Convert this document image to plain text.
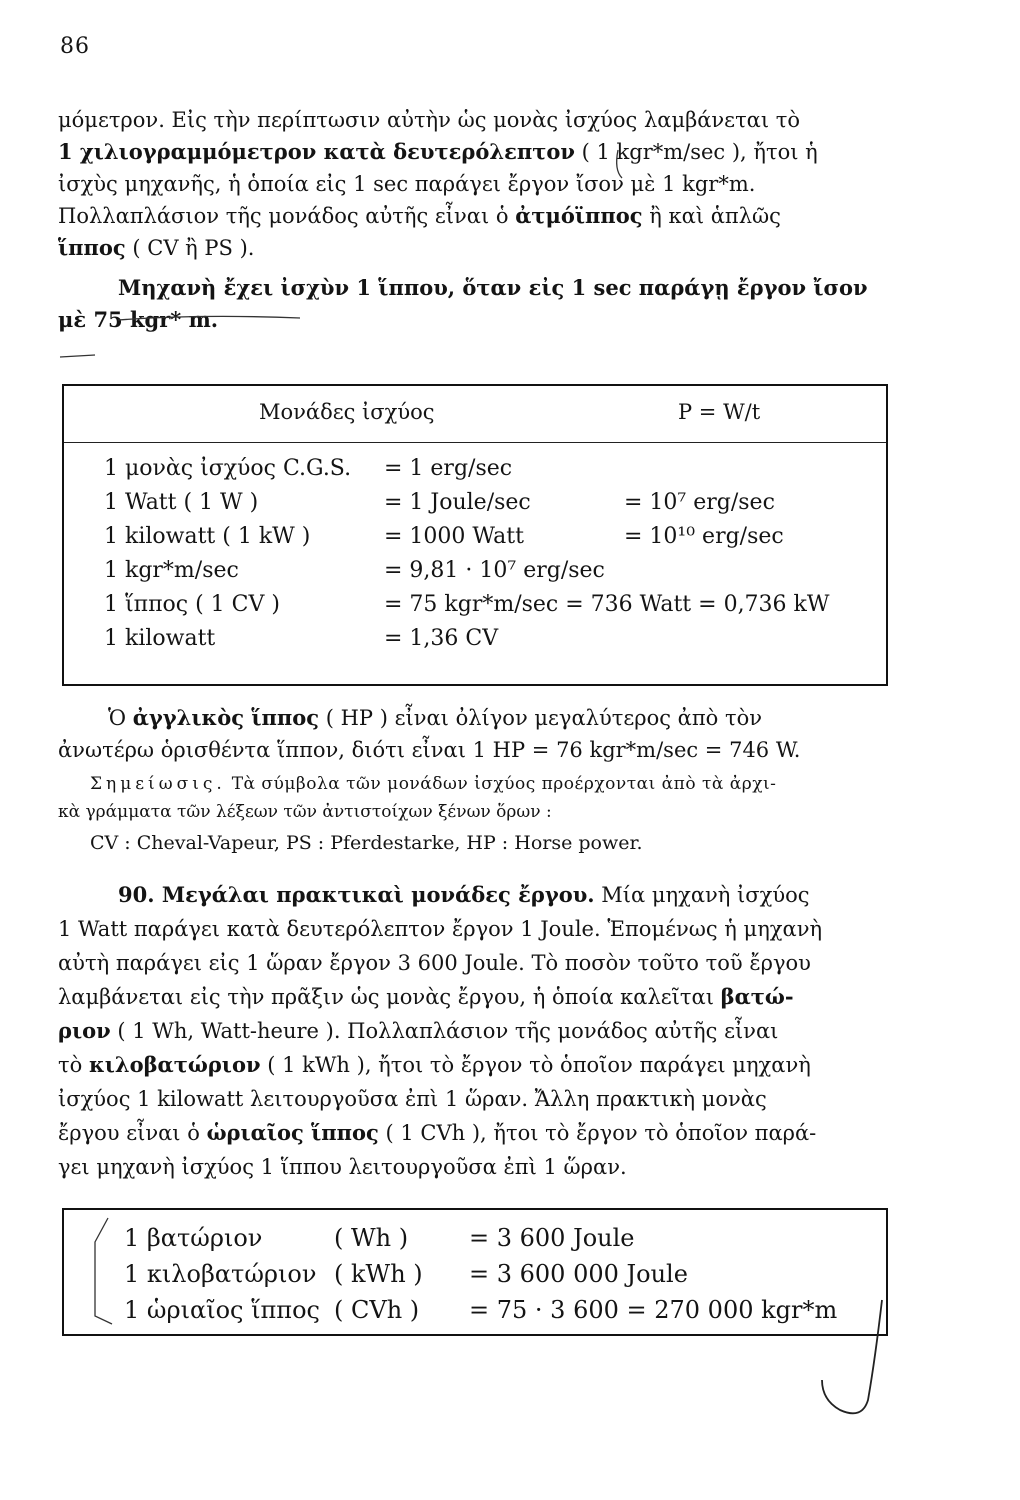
86
μόμετρον. Εἰς τὴν περίπτωσιν αὐτὴν ὡς μονὰς ἰσχύος λαμβάνεται τὸ
1 χιλιογραμμόμετρον κατὰ δευτερόλεπτον ( 1 kgr*m/sec ), ἤτοι ἡ
ἰσχὺς μηχανῆς, ἡ ὁποία εἰς 1 sec παράγει ἔργον ἴσον μὲ 1 kgr*m.
Πολλαπλάσιον τῆς μονάδος αὐτῆς εἶναι ὁ ἀτμόϊππος ἢ καὶ ἁπλῶς
ἵππος ( CV ἢ PS ).
Μηχανὴ ἔχει ἰσχὺν 1 ἵππου, ὅταν εἰς 1 sec παράγῃ ἔργον ἴσον
μὲ 75 kgr* m.
Μονάδες ἰσχύος	P = W/t
1 μονὰς ἰσχύος C.G.S. = 1 erg/sec
1 Watt ( 1 W )	= 1 Joule/sec	= 10⁷ erg/sec
1 kilowatt ( 1 kW )	= 1000 Watt	= 10¹⁰ erg/sec
1 kgr*m/sec	= 9,81 · 10⁷ erg/sec
1 ἵππος ( 1 CV )	= 75 kgr*m/sec = 736 Watt = 0,736 kW
1 kilowatt	= 1,36 CV
Ὁ ἀγγλικὸς ἵππος ( HP ) εἶναι ὀλίγον μεγαλύτερος ἀπὸ τὸν
ἀνωτέρω ὁρισθέντα ἵππον, διότι εἶναι 1 HP = 76 kgr*m/sec = 746 W.
Σημείωσις. Τὰ σύμβολα τῶν μονάδων ἰσχύος προέρχονται ἀπὸ τὰ ἀρχι-
κὰ γράμματα τῶν λέξεων τῶν ἀντιστοίχων ξένων ὅρων :
CV : Cheval-Vapeur, PS : Pferdestarke, HP : Horse power.
90. Μεγάλαι πρακτικαὶ μονάδες ἔργου. Μία μηχανὴ ἰσχύος
1 Watt παράγει κατὰ δευτερόλεπτον ἔργον 1 Joule. Ἑπομένως ἡ μηχανὴ
αὐτὴ παράγει εἰς 1 ὥραν ἔργον 3 600 Joule. Τὸ ποσὸν τοῦτο τοῦ ἔργου
λαμβάνεται εἰς τὴν πρᾶξιν ὡς μονὰς ἔργου, ἡ ὁποία καλεῖται βατώ-
ριον ( 1 Wh, Watt-heure ). Πολλαπλάσιον τῆς μονάδος αὐτῆς εἶναι
τὸ κιλοβατώριον ( 1 kWh ), ἤτοι τὸ ἔργον τὸ ὁποῖον παράγει μηχανὴ
ἰσχύος 1 kilowatt λειτουργοῦσα ἐπὶ 1 ὥραν. Ἄλλη πρακτικὴ μονὰς
ἔργου εἶναι ὁ ὡριαῖος ἵππος ( 1 CVh ), ἤτοι τὸ ἔργον τὸ ὁποῖον παρά-
γει μηχανὴ ἰσχύος 1 ἵππου λειτουργοῦσα ἐπὶ 1 ὥραν.
1 βατώριον	( Wh )	= 3 600 Joule
1 κιλοβατώριον ( kWh ) = 3 600 000 Joule
1 ὡριαῖος ἵππος ( CVh ) = 75 · 3 600 = 270 000 kgr*m
